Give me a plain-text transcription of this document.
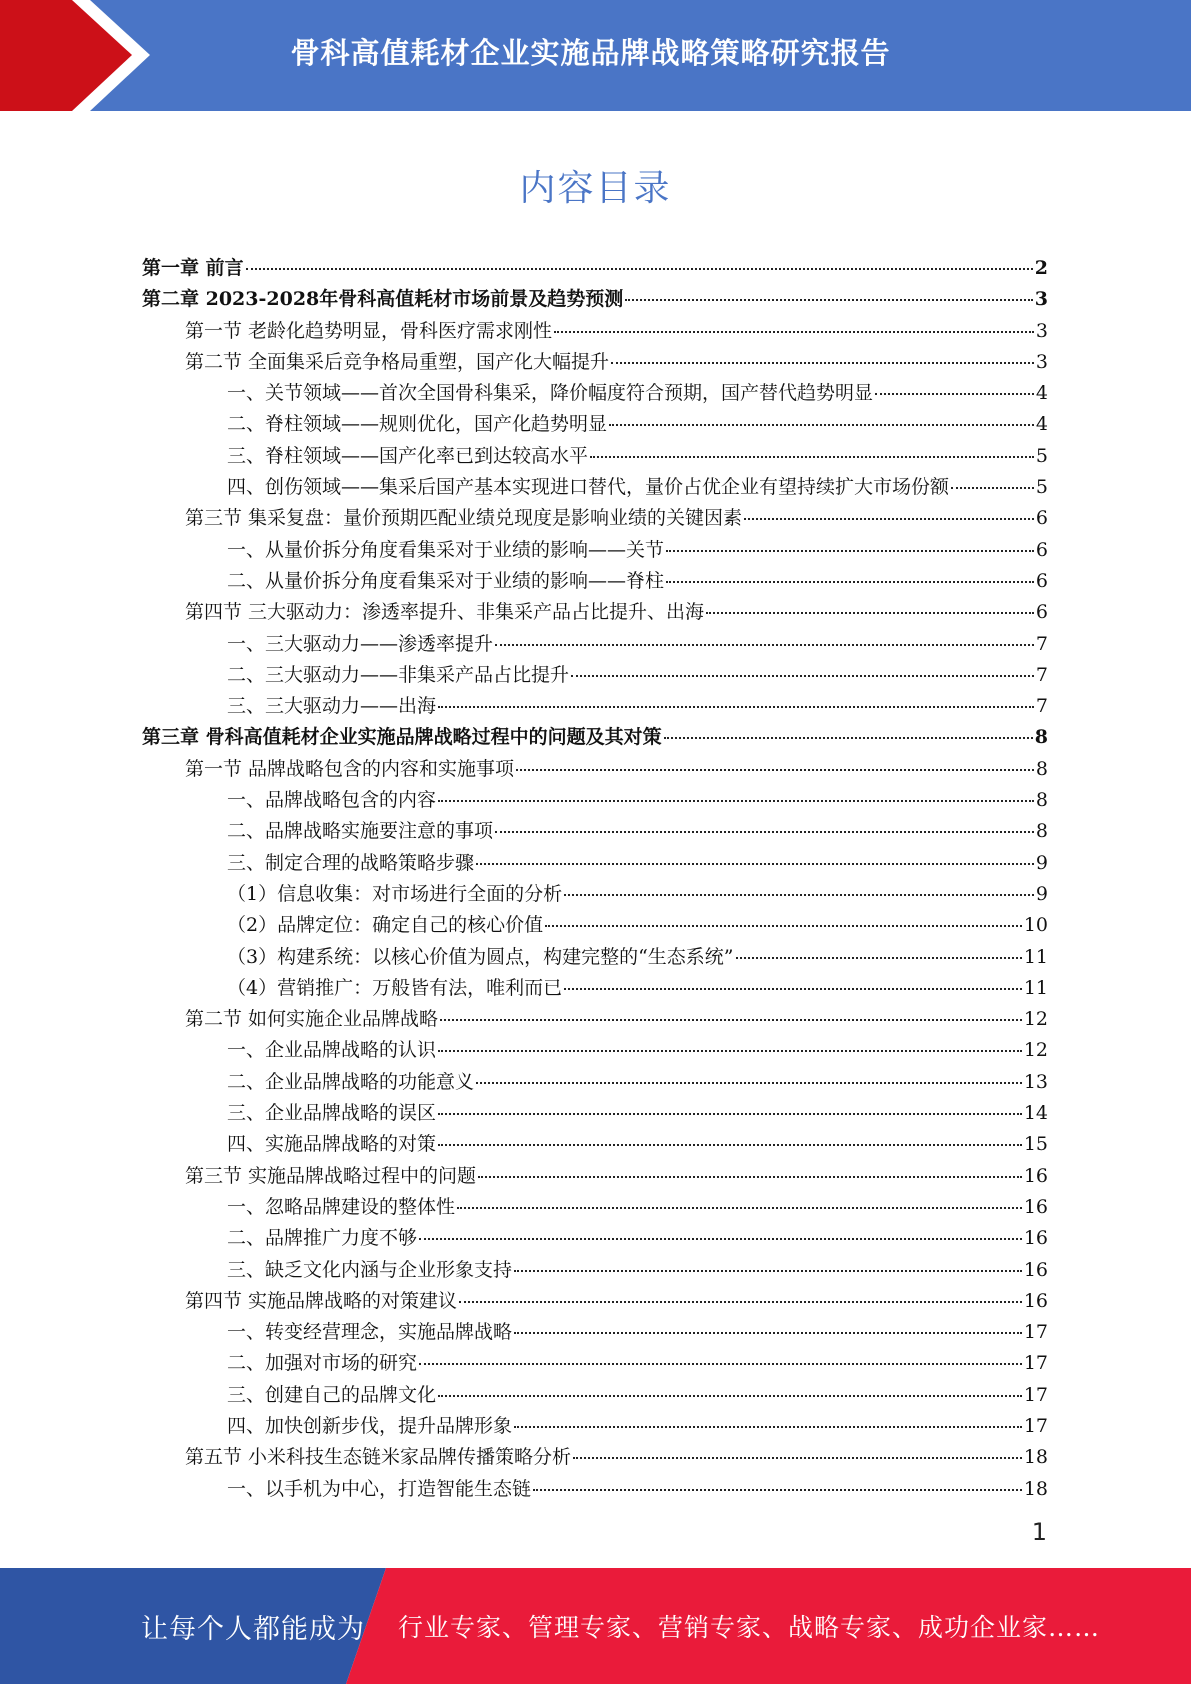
骨科高值耗材企业实施品牌战略策略研究报告
内容目录
第一章 前言	2
第二章 2023-2028年骨科高值耗材市场前景及趋势预测	3
第一节 老龄化趋势明显，骨科医疗需求刚性	3
第二节 全面集采后竞争格局重塑，国产化大幅提升	3
一、关节领域——首次全国骨科集采，降价幅度符合预期，国产替代趋势明显	4
二、脊柱领域——规则优化，国产化趋势明显	4
三、脊柱领域——国产化率已到达较高水平	5
四、创伤领域——集采后国产基本实现进口替代，量价占优企业有望持续扩大市场份额	5
第三节 集采复盘：量价预期匹配业绩兑现度是影响业绩的关键因素	6
一、从量价拆分角度看集采对于业绩的影响——关节	6
二、从量价拆分角度看集采对于业绩的影响——脊柱	6
第四节 三大驱动力：渗透率提升、非集采产品占比提升、出海	6
一、三大驱动力——渗透率提升	7
二、三大驱动力——非集采产品占比提升	7
三、三大驱动力——出海	7
第三章 骨科高值耗材企业实施品牌战略过程中的问题及其对策	8
第一节 品牌战略包含的内容和实施事项	8
一、品牌战略包含的内容	8
二、品牌战略实施要注意的事项	8
三、制定合理的战略策略步骤	9
（1）信息收集：对市场进行全面的分析	9
（2）品牌定位：确定自己的核心价值	10
（3）构建系统：以核心价值为圆点，构建完整的“生态系统”	11
（4）营销推广：万般皆有法，唯利而已	11
第二节 如何实施企业品牌战略	12
一、企业品牌战略的认识	12
二、企业品牌战略的功能意义	13
三、企业品牌战略的误区	14
四、实施品牌战略的对策	15
第三节 实施品牌战略过程中的问题	16
一、忽略品牌建设的整体性	16
二、品牌推广力度不够	16
三、缺乏文化内涵与企业形象支持	16
第四节 实施品牌战略的对策建议	16
一、转变经营理念，实施品牌战略	17
二、加强对市场的研究	17
三、创建自己的品牌文化	17
四、加快创新步伐，提升品牌形象	17
第五节 小米科技生态链米家品牌传播策略分析	18
一、以手机为中心，打造智能生态链	18
1
让每个人都能成为 行业专家、管理专家、营销专家、战略专家、成功企业家……
